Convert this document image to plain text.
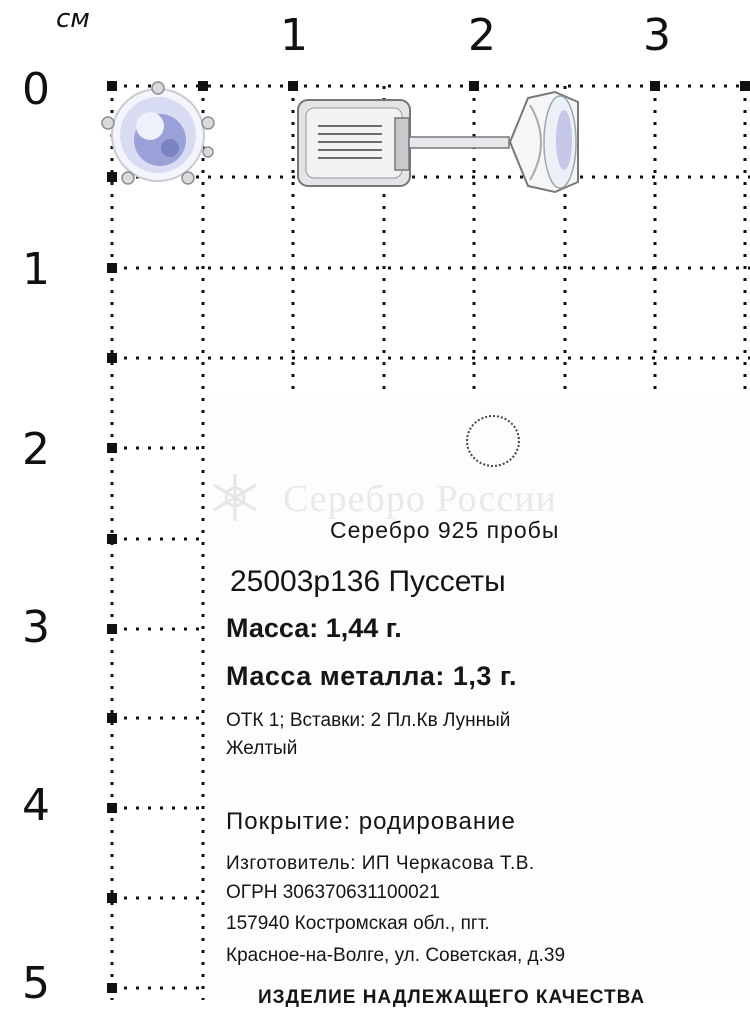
см	1	2	3
0
1
2
3
4
5
Серебро России
Серебро 925 пробы
25003р136 Пуссеты
Масса: 1,44 г.
Масса металла: 1,3 г.
ОТК 1; Вставки: 2 Пл.Кв Лунный
Желтый
Покрытие: родирование
Изготовитель: ИП Черкасова Т.В.
ОГРН 306370631100021
157940 Костромская обл., пгт.
Красное-на-Волге, ул. Советская, д.39
ИЗДЕЛИЕ НАДЛЕЖАЩЕГО КАЧЕСТВА
